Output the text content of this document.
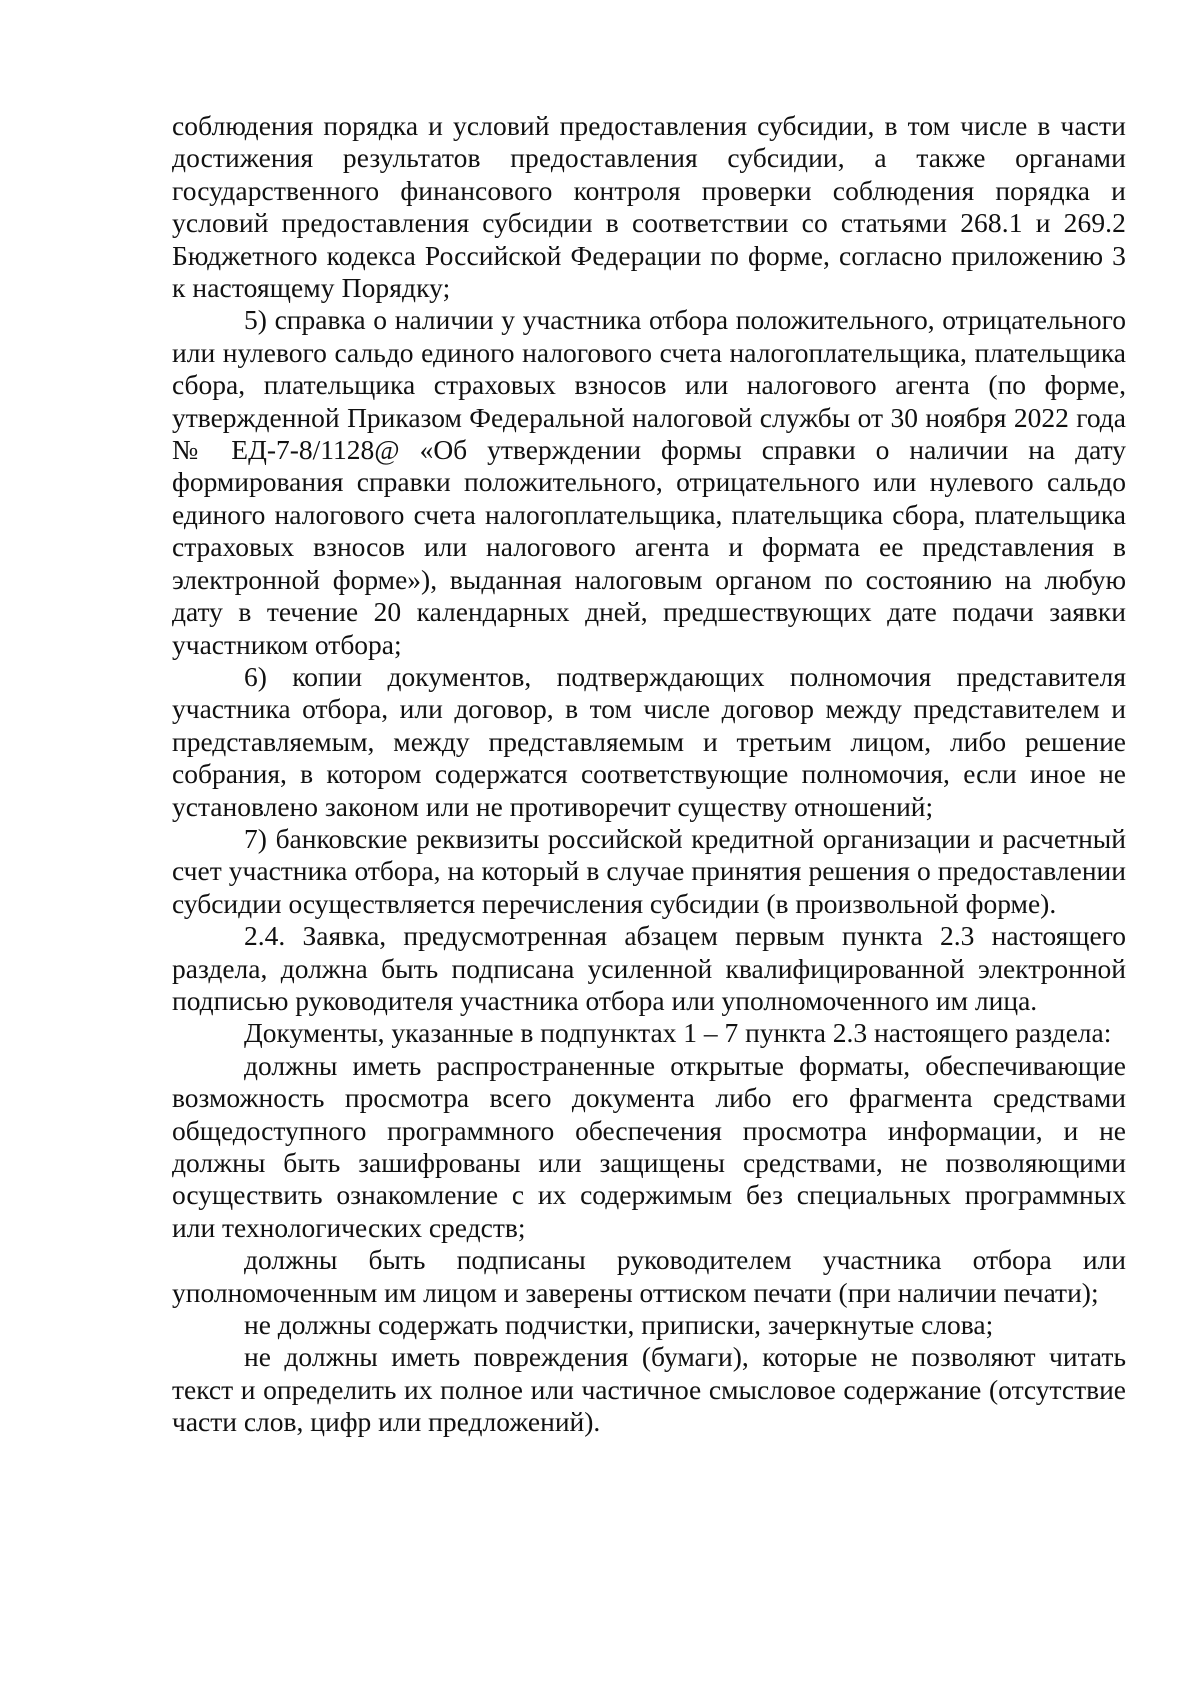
соблюдения порядка и условий предоставления субсидии, в том числе в части достижения результатов предоставления субсидии, а также органами государственного финансового контроля проверки соблюдения порядка и условий предоставления субсидии в соответствии со статьями 268.1 и 269.2 Бюджетного кодекса Российской Федерации по форме, согласно приложению 3 к настоящему Порядку;

5) справка о наличии у участника отбора положительного, отрицательного или нулевого сальдо единого налогового счета налогоплательщика, плательщика сбора, плательщика страховых взносов или налогового агента (по форме, утвержденной Приказом Федеральной налоговой службы от 30 ноября 2022 года № ЕД-7-8/1128@ «Об утверждении формы справки о наличии на дату формирования справки положительного, отрицательного или нулевого сальдо единого налогового счета налогоплательщика, плательщика сбора, плательщика страховых взносов или налогового агента и формата ее представления в электронной форме»), выданная налоговым органом по состоянию на любую дату в течение 20 календарных дней, предшествующих дате подачи заявки участником отбора;

6) копии документов, подтверждающих полномочия представителя участника отбора, или договор, в том числе договор между представителем и представляемым, между представляемым и третьим лицом, либо решение собрания, в котором содержатся соответствующие полномочия, если иное не установлено законом или не противоречит существу отношений;

7) банковские реквизиты российской кредитной организации и расчетный счет участника отбора, на который в случае принятия решения о предоставлении субсидии осуществляется перечисления субсидии (в произвольной форме).

2.4. Заявка, предусмотренная абзацем первым пункта 2.3 настоящего раздела, должна быть подписана усиленной квалифицированной электронной подписью руководителя участника отбора или уполномоченного им лица.

Документы, указанные в подпунктах 1 – 7 пункта 2.3 настоящего раздела:

должны иметь распространенные открытые форматы, обеспечивающие возможность просмотра всего документа либо его фрагмента средствами общедоступного программного обеспечения просмотра информации, и не должны быть зашифрованы или защищены средствами, не позволяющими осуществить ознакомление с их содержимым без специальных программных или технологических средств;

должны быть подписаны руководителем участника отбора или уполномоченным им лицом и заверены оттиском печати (при наличии печати);

не должны содержать подчистки, приписки, зачеркнутые слова;

не должны иметь повреждения (бумаги), которые не позволяют читать текст и определить их полное или частичное смысловое содержание (отсутствие части слов, цифр или предложений).
